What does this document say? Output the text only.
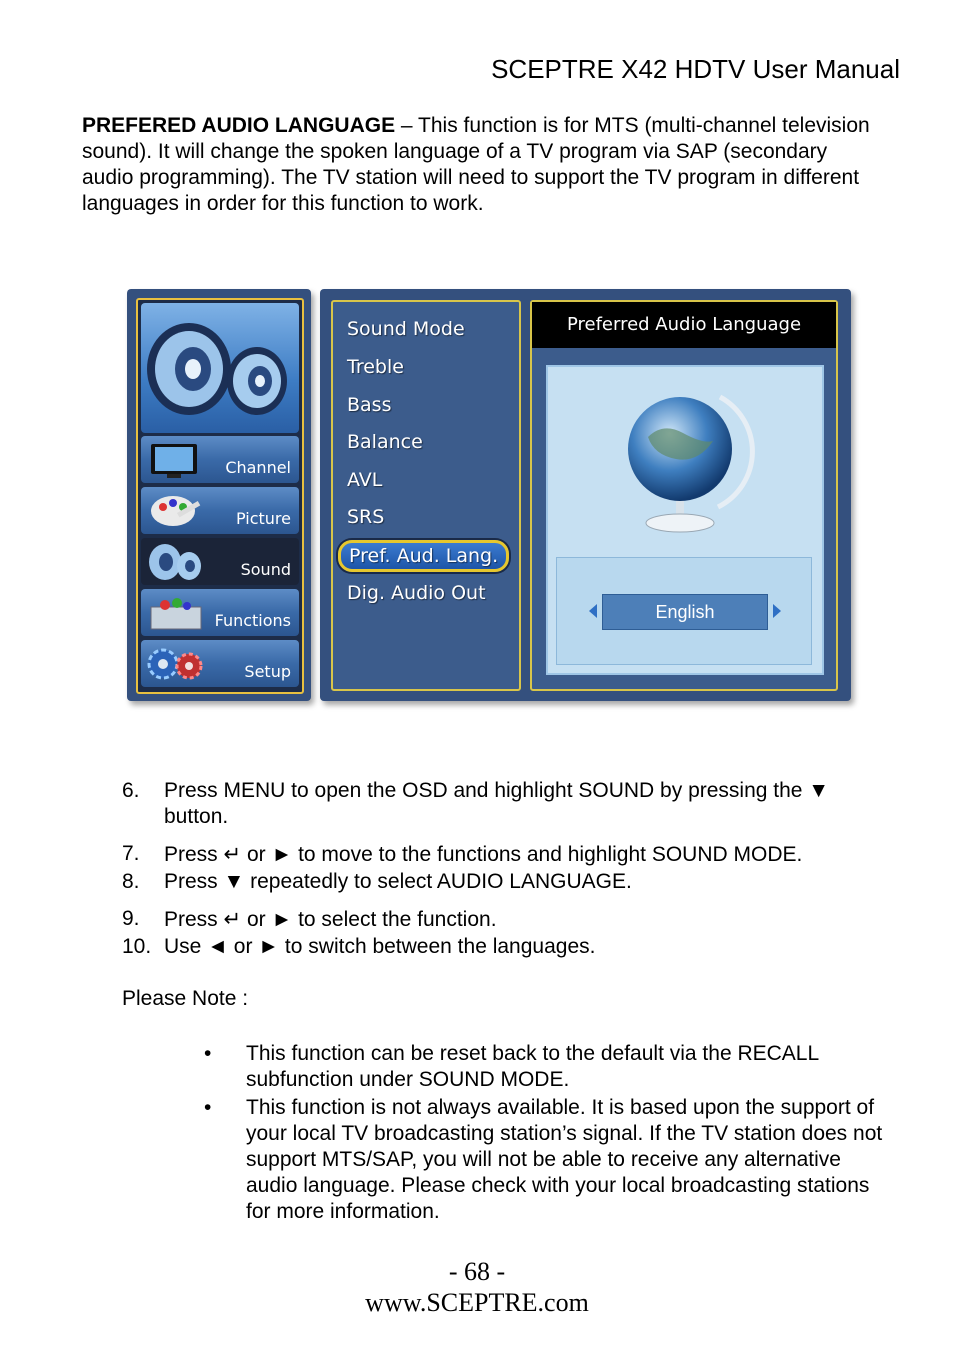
SCEPTRE X42 HDTV User Manual
PREFERED AUDIO LANGUAGE – This function is for MTS (multi-channel television sound). It will change the spoken language of a TV program via SAP (secondary audio programming). The TV station will need to support the TV program in different languages in order for this function to work.
Channel
Picture
Sound
Functions
Setup
Sound Mode
Treble
Bass
Balance
AVL
SRS
Pref. Aud. Lang.
Dig. Audio Out
Preferred Audio Language
English
6. Press MENU to open the OSD and highlight SOUND by pressing the ▼ button.
7. Press ↵ or ► to move to the functions and highlight SOUND MODE.
8. Press ▼ repeatedly to select AUDIO LANGUAGE.
9. Press ↵ or ► to select the function.
10. Use ◄ or ► to switch between the languages.
Please Note :
• This function can be reset back to the default via the RECALL subfunction under SOUND MODE.
• This function is not always available. It is based upon the support of your local TV broadcasting station’s signal. If the TV station does not support MTS/SAP, you will not be able to receive any alternative audio language. Please check with your local broadcasting stations for more information.
- 68 -
www.SCEPTRE.com
